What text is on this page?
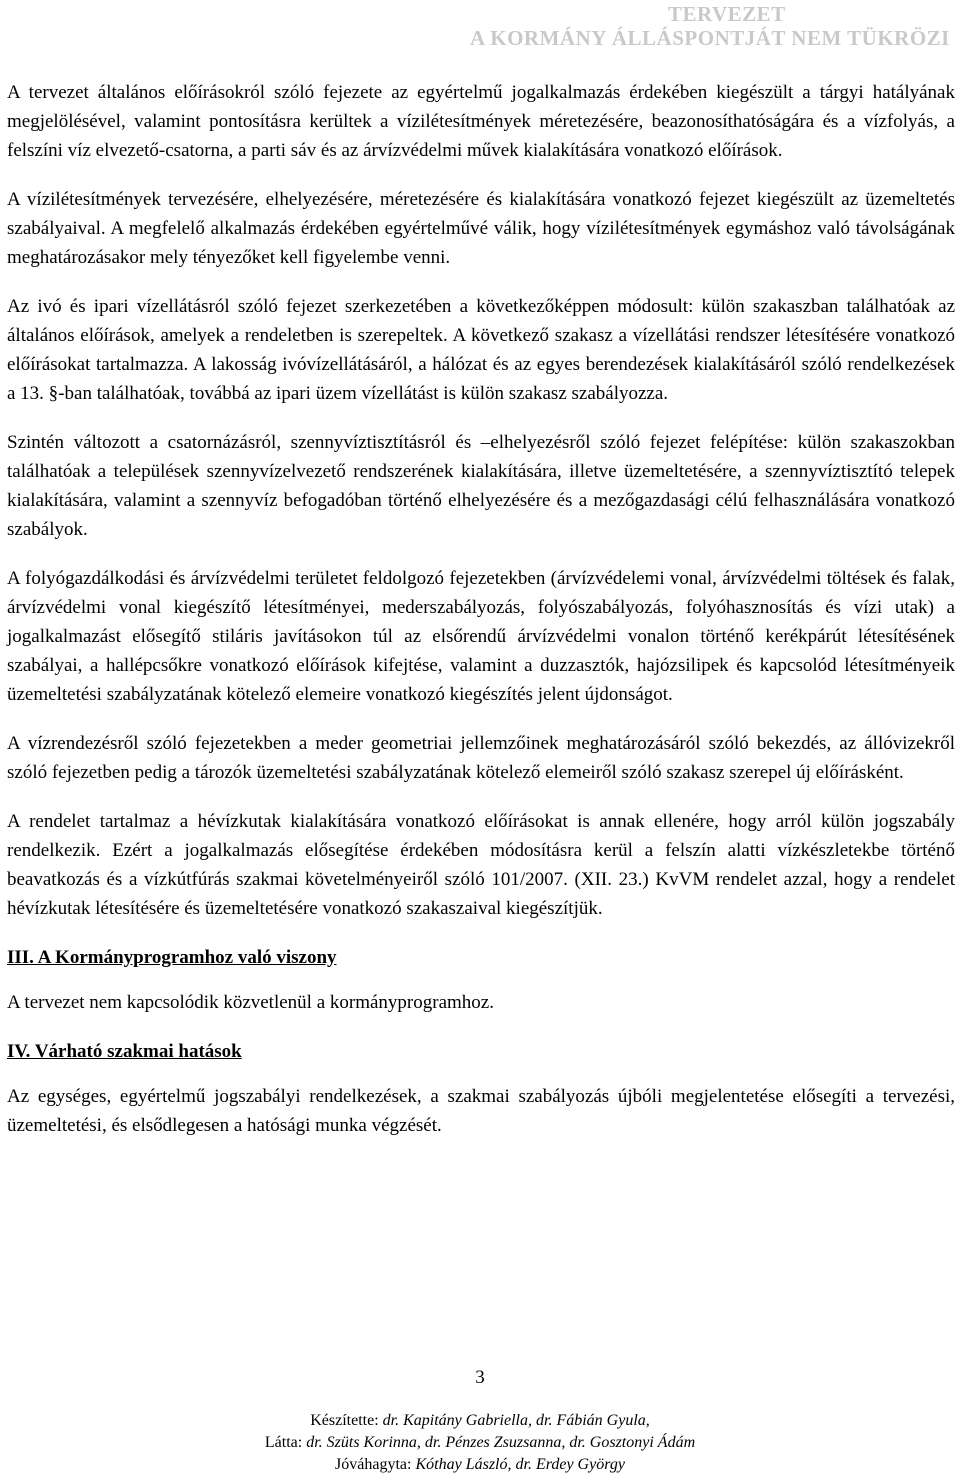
TERVEZET
A KORMÁNY ÁLLÁSPONTJÁT NEM TÜKRÖZI

A tervezet általános előírásokról szóló fejezete az egyértelmű jogalkalmazás érdekében kiegészült a tárgyi hatályának megjelölésével, valamint pontosításra kerültek a vízilétesítmények méretezésére, beazonosíthatóságára és a vízfolyás, a felszíni víz elvezető-csatorna, a parti sáv és az árvízvédelmi művek kialakítására vonatkozó előírások.

A vízilétesítmények tervezésére, elhelyezésére, méretezésére és kialakítására vonatkozó fejezet kiegészült az üzemeltetés szabályaival. A megfelelő alkalmazás érdekében egyértelművé válik, hogy vízilétesítmények egymáshoz való távolságának meghatározásakor mely tényezőket kell figyelembe venni.

Az ivó és ipari vízellátásról szóló fejezet szerkezetében a következőképpen módosult: külön szakaszban találhatóak az általános előírások, amelyek a rendeletben is szerepeltek. A következő szakasz a vízellátási rendszer létesítésére vonatkozó előírásokat tartalmazza. A lakosság ivóvízellátásáról, a hálózat és az egyes berendezések kialakításáról szóló rendelkezések a 13. §-ban találhatóak, továbbá az ipari üzem vízellátást is külön szakasz szabályozza.

Szintén változott a csatornázásról, szennyvíztisztításról és –elhelyezésről szóló fejezet felépítése: külön szakaszokban találhatóak a települések szennyvízelvezető rendszerének kialakítására, illetve üzemeltetésére, a szennyvíztisztító telepek kialakítására, valamint a szennyvíz befogadóban történő elhelyezésére és a mezőgazdasági célú felhasználására vonatkozó szabályok.

A folyógazdálkodási és árvízvédelmi területet feldolgozó fejezetekben (árvízvédelemi vonal, árvízvédelmi töltések és falak, árvízvédelmi vonal kiegészítő létesítményei, mederszabályozás, folyószabályozás, folyóhasznosítás és vízi utak) a jogalkalmazást elősegítő stiláris javításokon túl az elsőrendű árvízvédelmi vonalon történő kerékpárút létesítésének szabályai, a hallépcsőkre vonatkozó előírások kifejtése, valamint a duzzasztók, hajózsilipek és kapcsolód létesítményeik üzemeltetési szabályzatának kötelező elemeire vonatkozó kiegészítés jelent újdonságot.

A vízrendezésről szóló fejezetekben a meder geometriai jellemzőinek meghatározásáról szóló bekezdés, az állóvizekről szóló fejezetben pedig a tározók üzemeltetési szabályzatának kötelező elemeiről szóló szakasz szerepel új előírásként.

A rendelet tartalmaz a hévízkutak kialakítására vonatkozó előírásokat is annak ellenére, hogy arról külön jogszabály rendelkezik. Ezért a jogalkalmazás elősegítése érdekében módosításra kerül a felszín alatti vízkészletekbe történő beavatkozás és a vízkútfúrás szakmai követelményeiről szóló 101/2007. (XII. 23.) KvVM rendelet azzal, hogy a rendelet hévízkutak létesítésére és üzemeltetésére vonatkozó szakaszaival kiegészítjük.

III. A Kormányprogramhoz való viszony

A tervezet nem kapcsolódik közvetlenül a kormányprogramhoz.

IV. Várható szakmai hatások

Az egységes, egyértelmű jogszabályi rendelkezések, a szakmai szabályozás újbóli megjelentetése elősegíti a tervezési, üzemeltetési, és elsődlegesen a hatósági munka végzését.

3
Készítette: dr. Kapitány Gabriella, dr. Fábián Gyula,
Látta: dr. Szüts Korinna, dr. Pénzes Zsuzsanna, dr. Gosztonyi Ádám
Jóváhagyta: Kóthay László, dr. Erdey György
